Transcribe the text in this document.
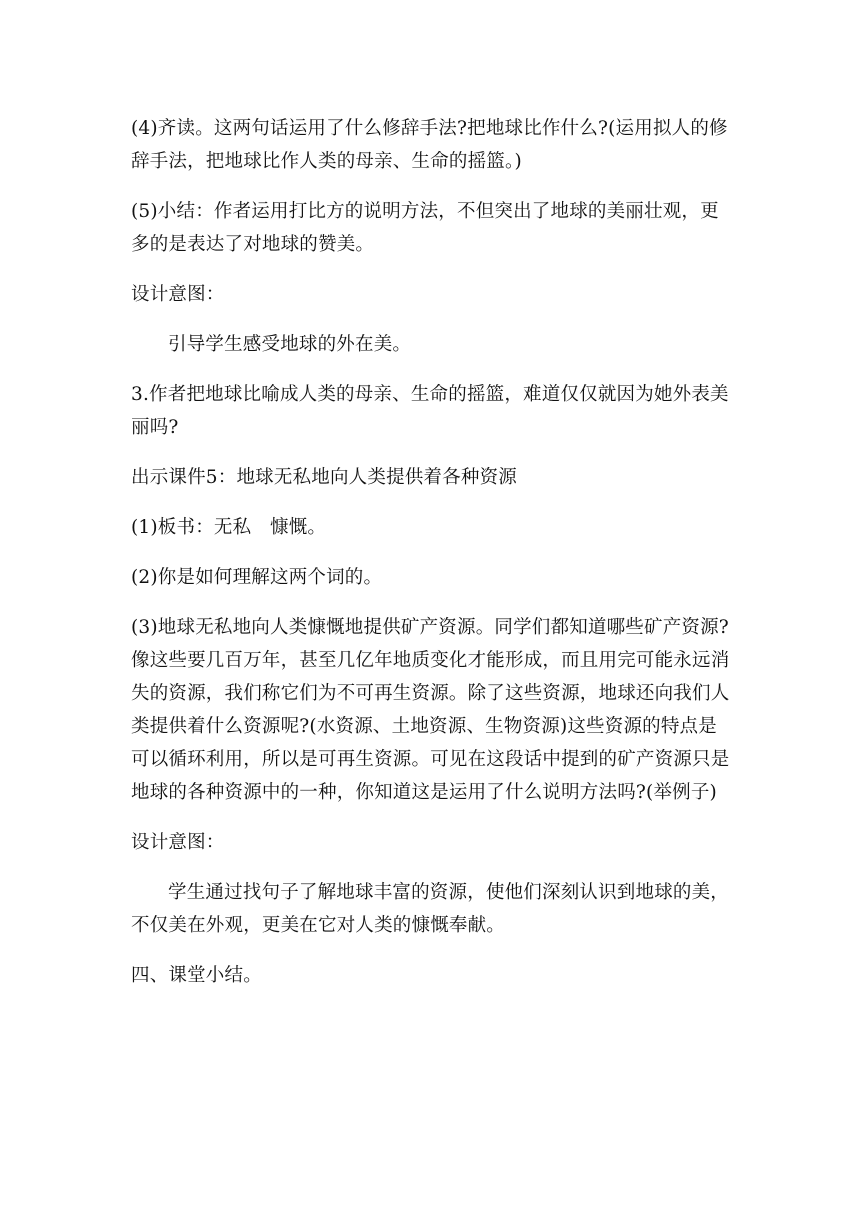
(4)齐读。这两句话运用了什么修辞手法?把地球比作什么?(运用拟人的修辞手法，把地球比作人类的母亲、生命的摇篮。)

(5)小结：作者运用打比方的说明方法，不但突出了地球的美丽壮观，更多的是表达了对地球的赞美。

设计意图：

引导学生感受地球的外在美。

3.作者把地球比喻成人类的母亲、生命的摇篮，难道仅仅就因为她外表美丽吗?

出示课件5：地球无私地向人类提供着各种资源

(1)板书：无私　慷慨。

(2)你是如何理解这两个词的。

(3)地球无私地向人类慷慨地提供矿产资源。同学们都知道哪些矿产资源?像这些要几百万年，甚至几亿年地质变化才能形成，而且用完可能永远消失的资源，我们称它们为不可再生资源。除了这些资源，地球还向我们人类提供着什么资源呢?(水资源、土地资源、生物资源)这些资源的特点是可以循环利用，所以是可再生资源。可见在这段话中提到的矿产资源只是地球的各种资源中的一种，你知道这是运用了什么说明方法吗?(举例子)

设计意图：

学生通过找句子了解地球丰富的资源，使他们深刻认识到地球的美，不仅美在外观，更美在它对人类的慷慨奉献。

四、课堂小结。
